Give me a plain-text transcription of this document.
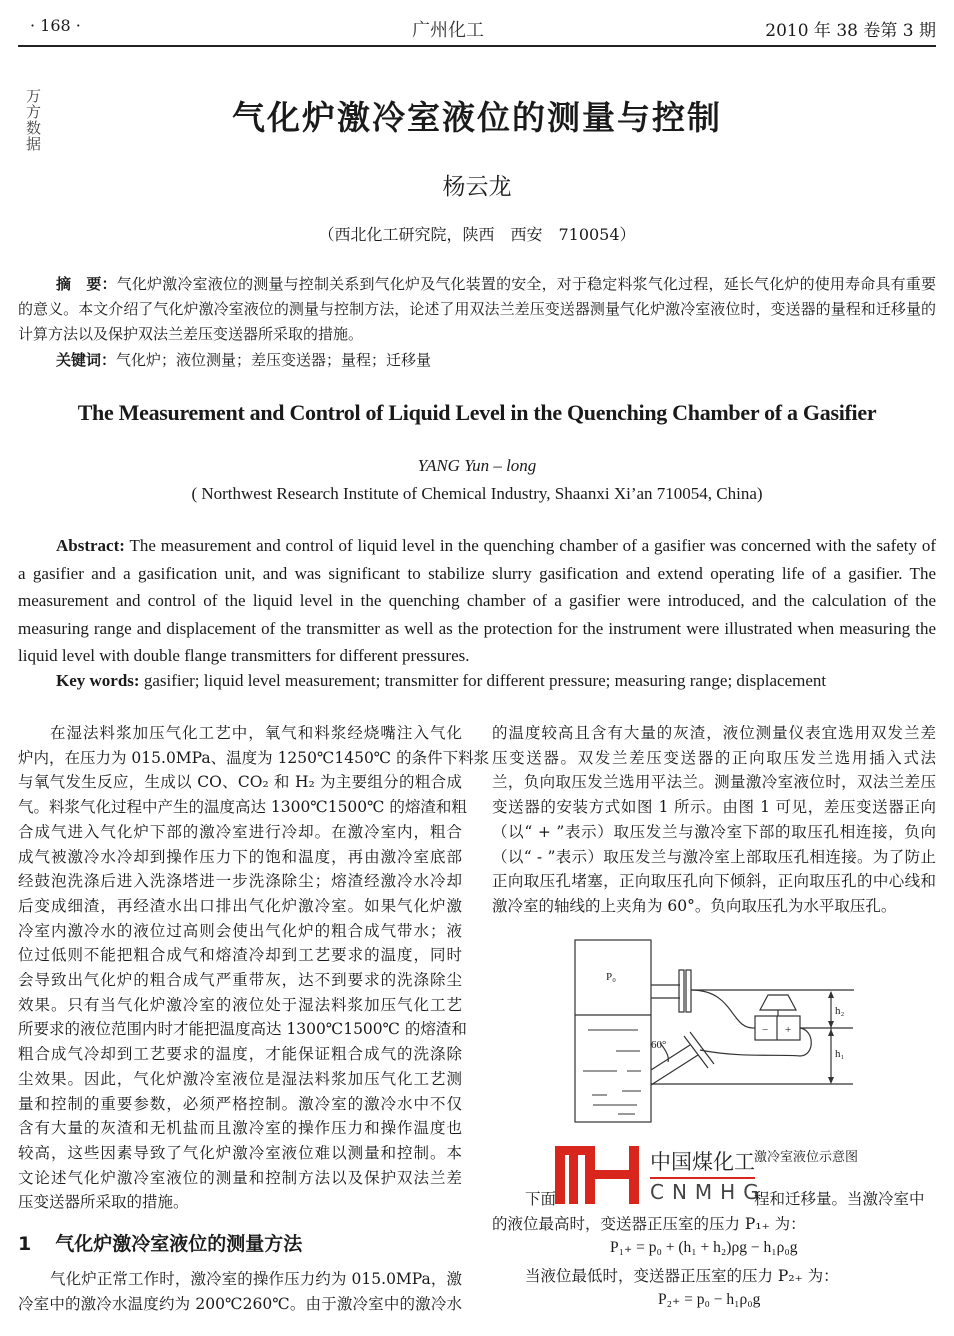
· 168 ·	广州化工	2010 年 38 卷第 3 期
万方数据	气化炉激冷室液位的测量与控制
杨云龙
（西北化工研究院，陕西　西安　710054）
摘　要：气化炉激冷室液位的测量与控制关系到气化炉及气化装置的安全，对于稳定料浆气化过程，延长气化炉的使用寿命具有重要的意义。本文介绍了气化炉激冷室液位的测量与控制方法，论述了用双法兰差压变送器测量气化炉激冷室液位时，变送器的量程和迁移量的计算方法以及保护双法兰差压变送器所采取的措施。
关键词：气化炉；液位测量；差压变送器；量程；迁移量
The Measurement and Control of Liquid Level in the Quenching Chamber of a Gasifier
YANG Yun – long
( Northwest Research Institute of Chemical Industry, Shaanxi Xi’an 710054, China)
Abstract: The measurement and control of liquid level in the quenching chamber of a gasifier was concerned with the safety of a gasifier and a gasification unit, and was significant to stabilize slurry gasification and extend operating life of a gasifier. The measurement and control of the liquid level in the quenching chamber of a gasifier were introduced, and the calculation of the measuring range and displacement of the transmitter as well as the protection for the instrument were illustrated when measuring the liquid level with double flange transmitters for different pressures.
Key words: gasifier; liquid level measurement; transmitter for different pressure; measuring range; displacement
在湿法料浆加压气化工艺中，氧气和料浆经烧嘴注入气化
炉内，在压力为 015.0MPa、温度为 1250℃1450℃ 的条件下料浆
与氧气发生反应，生成以 CO、CO₂ 和 H₂ 为主要组分的粗合成
气。料浆气化过程中产生的温度高达 1300℃1500℃ 的熔渣和粗
合成气进入气化炉下部的激冷室进行冷却。在激冷室内，粗合
成气被激冷水冷却到操作压力下的饱和温度，再由激冷室底部
经鼓泡洗涤后进入洗涤塔进一步洗涤除尘；熔渣经激冷水冷却
后变成细渣，再经渣水出口排出气化炉激冷室。如果气化炉激
冷室内激冷水的液位过高则会使出气化炉的粗合成气带水；液
位过低则不能把粗合成气和熔渣冷却到工艺要求的温度，同时
会导致出气化炉的粗合成气严重带灰，达不到要求的洗涤除尘
效果。只有当气化炉激冷室的液位处于湿法料浆加压气化工艺
所要求的液位范围内时才能把温度高达 1300℃1500℃ 的熔渣和
粗合成气冷却到工艺要求的温度，才能保证粗合成气的洗涤除
尘效果。因此，气化炉激冷室液位是湿法料浆加压气化工艺测
量和控制的重要参数，必须严格控制。激冷室的激冷水中不仅
含有大量的灰渣和无机盐而且激冷室的操作压力和操作温度也
较高，这些因素导致了气化炉激冷室液位难以测量和控制。本
文论述气化炉激冷室液位的测量和控制方法以及保护双法兰差
压变送器所采取的措施。
气化炉正常工作时，激冷室的操作压力约为 015.0MPa，激
冷室中的激冷水温度约为 200℃260℃。由于激冷室中的激冷水
1 气化炉激冷室液位的测量方法
的温度较高且含有大量的灰渣，液位测量仪表宜选用双发兰差
压变送器。双发兰差压变送器的正向取压发兰选用插入式法
兰，负向取压发兰选用平法兰。测量激冷室液位时，双法兰差压
变送器的安装方式如图 1 所示。由图 1 可见，差压变送器正向
（以“ + ”表示）取压发兰与激冷室下部的取压孔相连接，负向
（以“ - ”表示）取压发兰与激冷室上部取压孔相连接。为了防止
正向取压孔堵塞，正向取压孔向下倾斜，正向取压孔的中心线和
激冷室的轴线的上夹角为 60°。负向取压孔为水平取压孔。
P₀
− +
h₂
h₁
60°
激冷室液位示意图
中国煤化工
CNMHG
下面	程和迁移量。当激冷室中
的液位最高时，变送器正压室的压力 P₁₊ 为：
P₁₊ = p₀ + (h₁ + h₂)ρg − h₁ρ₀g
当液位最低时，变送器正压室的压力 P₂₊ 为：
P₂₊ = p₀ − h₁ρ₀g
